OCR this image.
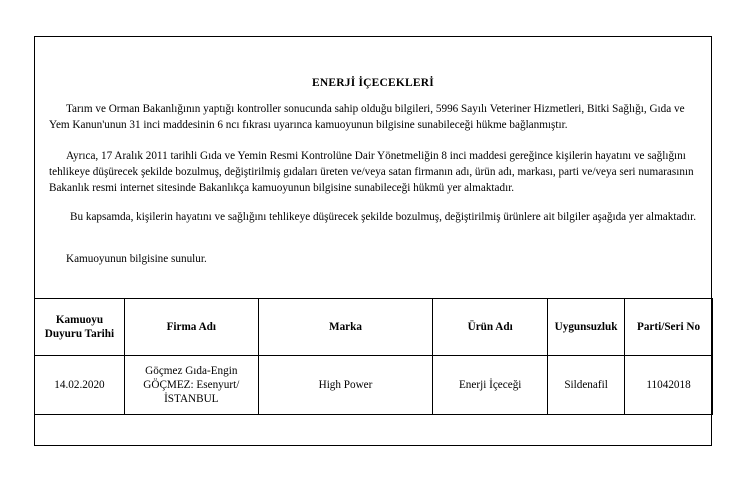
ENERJİ İÇECEKLERİ

Tarım ve Orman Bakanlığının yaptığı kontroller sonucunda sahip olduğu bilgileri, 5996 Sayılı Veteriner Hizmetleri, Bitki Sağlığı, Gıda ve Yem Kanun'unun 31 inci maddesinin 6 ncı fıkrası uyarınca kamuoyunun bilgisine sunabileceği hükme bağlanmıştır.

Ayrıca, 17 Aralık 2011 tarihli Gıda ve Yemin Resmi Kontrolüne Dair Yönetmeliğin 8 inci maddesi gereğince kişilerin hayatını ve sağlığını tehlikeye düşürecek şekilde bozulmuş, değiştirilmiş gıdaları üreten ve/veya satan firmanın adı, ürün adı, markası, parti ve/veya seri numarasının Bakanlık resmi internet sitesinde Bakanlıkça kamuoyunun bilgisine sunabileceği hükmü yer almaktadır.

Bu kapsamda, kişilerin hayatını ve sağlığını tehlikeye düşürecek şekilde bozulmuş, değiştirilmiş ürünlere ait bilgiler aşağıda yer almaktadır.

Kamuoyunun bilgisine sunulur.

Kamuoyu Duyuru Tarihi	Firma Adı	Marka	Ürün Adı	Uygunsuzluk	Parti/Seri No
14.02.2020	Göçmez Gıda-Engin GÖÇMEZ: Esenyurt/İSTANBUL	High Power	Enerji İçeceği	Sildenafil	11042018
